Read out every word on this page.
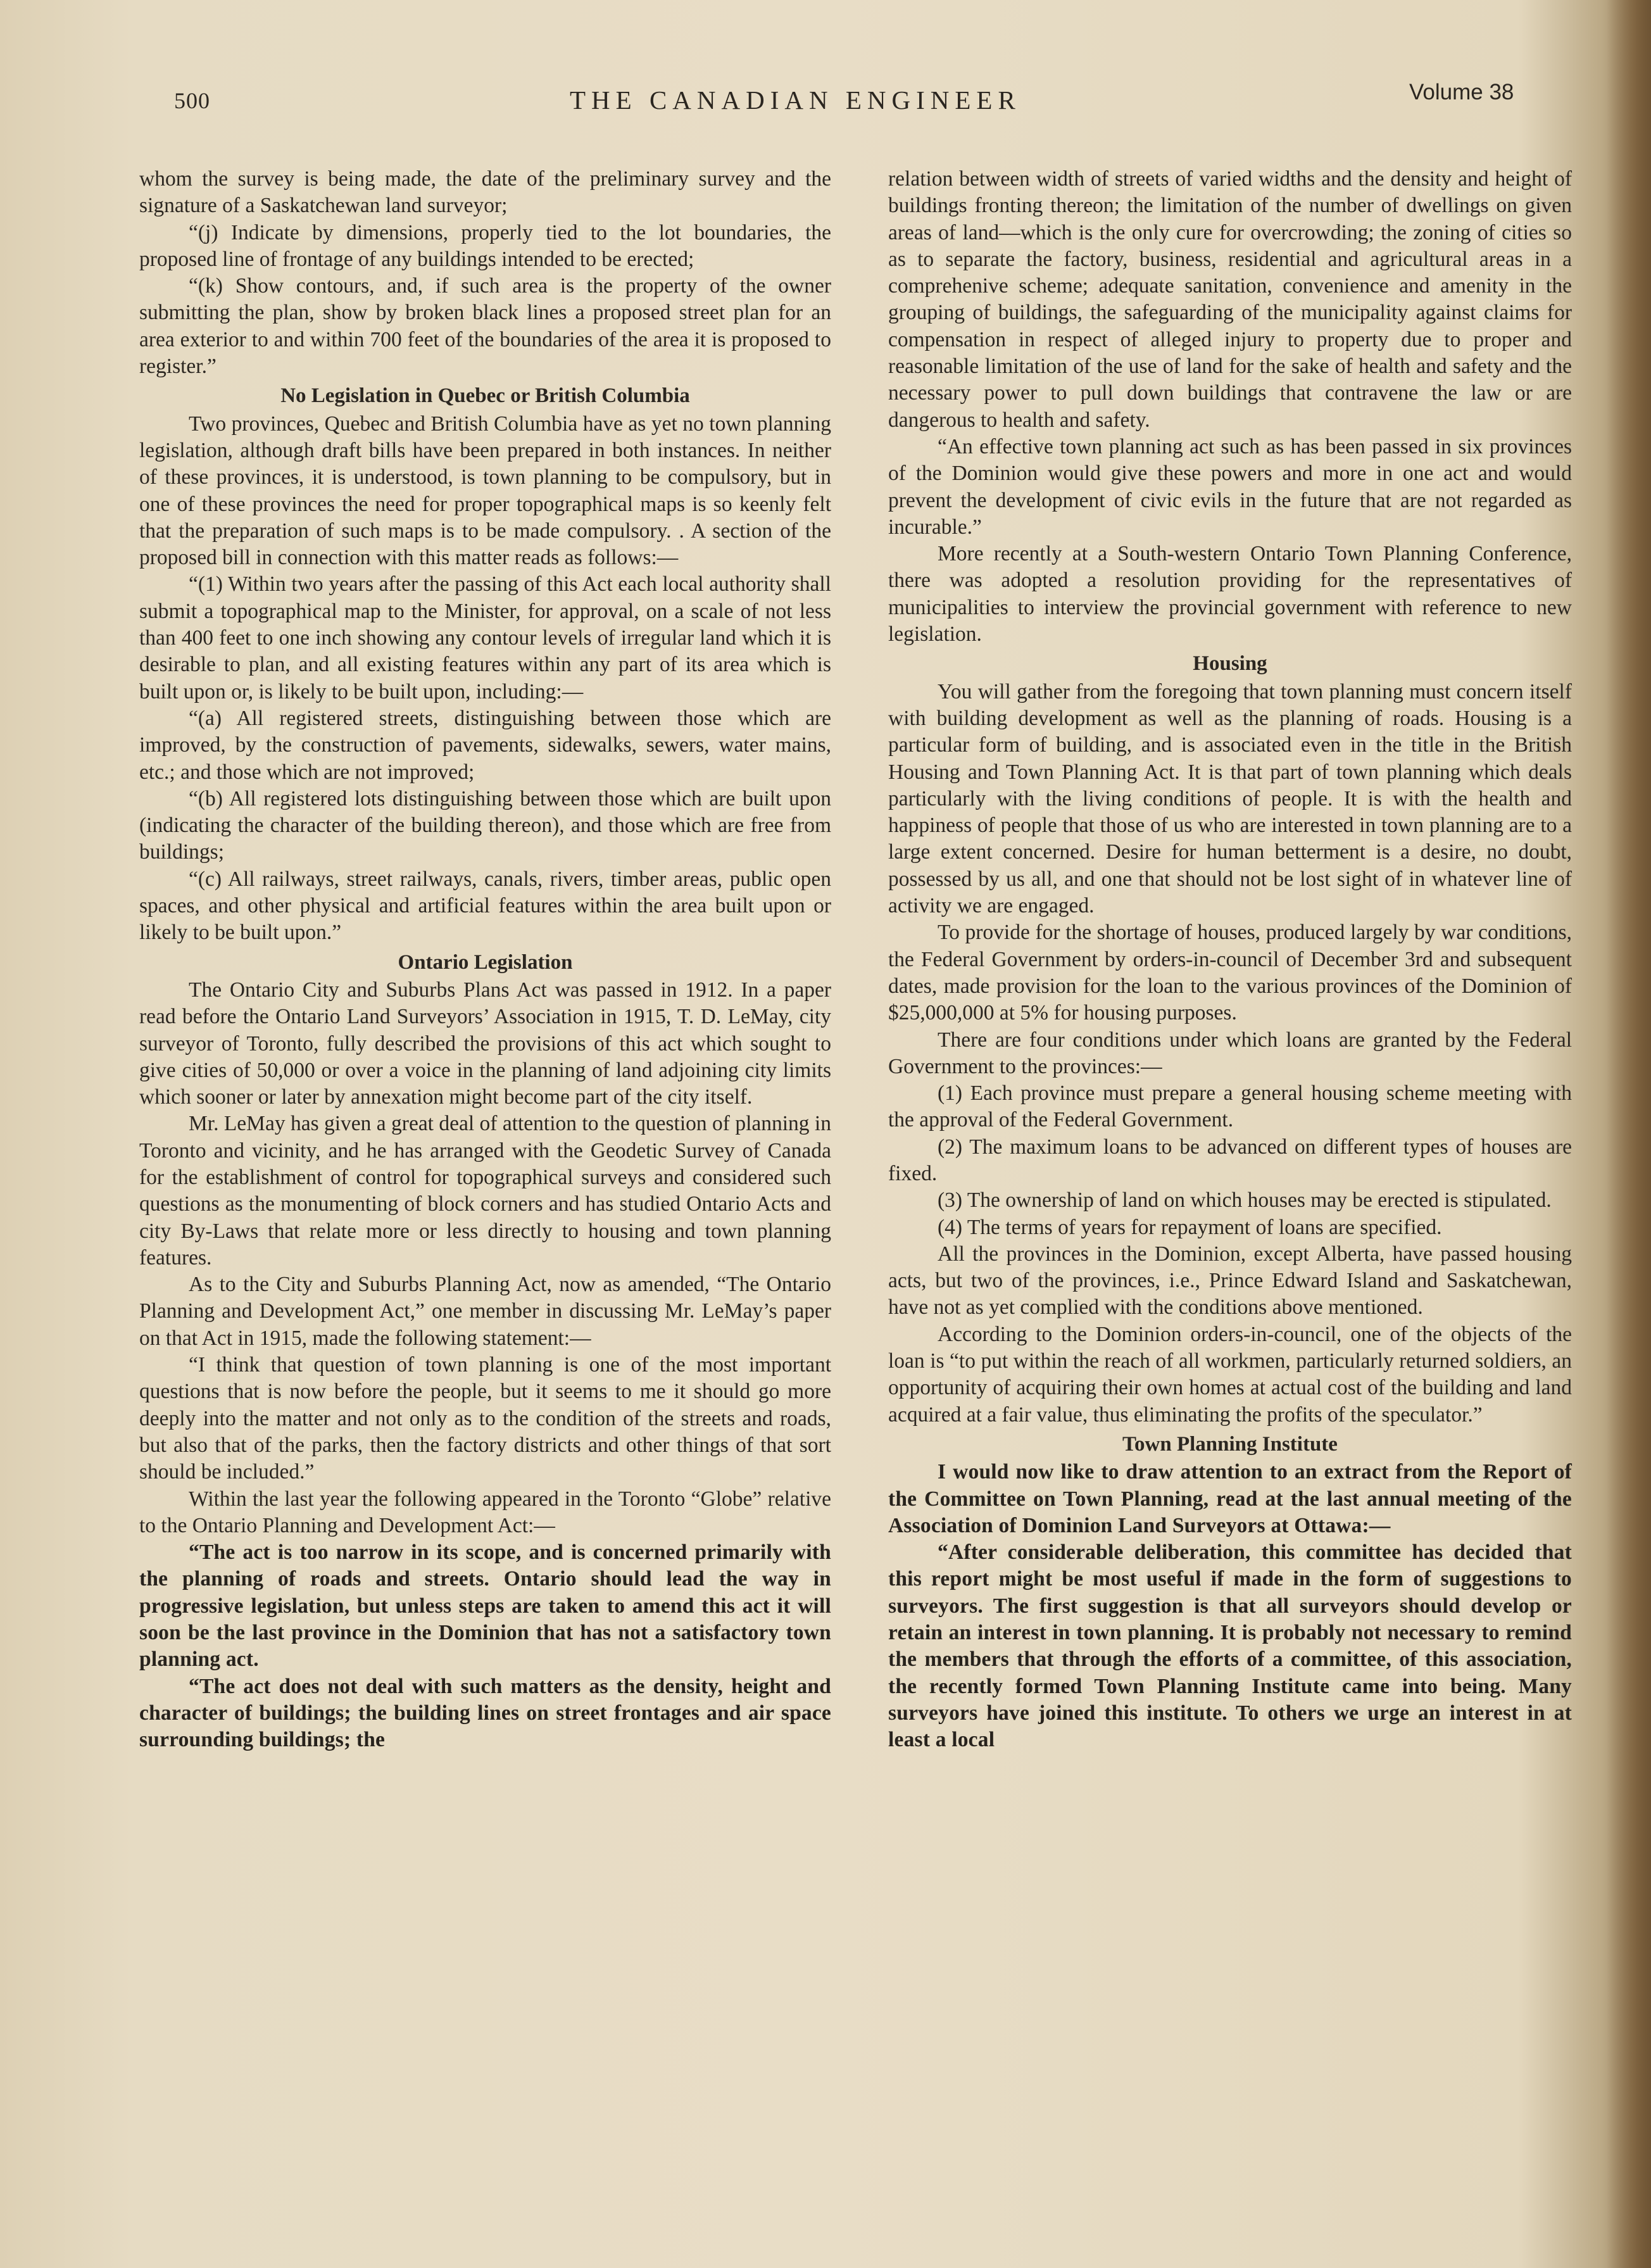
500	THE CANADIAN ENGINEER	Volume 38

whom the survey is being made, the date of the preliminary survey and the signature of a Saskatchewan land surveyor;

“(j) Indicate by dimensions, properly tied to the lot boundaries, the proposed line of frontage of any buildings intended to be erected;

“(k) Show contours, and, if such area is the property of the owner submitting the plan, show by broken black lines a proposed street plan for an area exterior to and within 700 feet of the boundaries of the area it is proposed to register.”

No Legislation in Quebec or British Columbia

Two provinces, Quebec and British Columbia have as yet no town planning legislation, although draft bills have been prepared in both instances. In neither of these provinces, it is understood, is town planning to be compulsory, but in one of these provinces the need for proper topographical maps is so keenly felt that the preparation of such maps is to be made compulsory. . A section of the proposed bill in connection with this matter reads as follows:—

“(1) Within two years after the passing of this Act each local authority shall submit a topographical map to the Minister, for approval, on a scale of not less than 400 feet to one inch showing any contour levels of irregular land which it is desirable to plan, and all existing features within any part of its area which is built upon or, is likely to be built upon, including:—

“(a) All registered streets, distinguishing between those which are improved, by the construction of pavements, sidewalks, sewers, water mains, etc.; and those which are not improved;

“(b) All registered lots distinguishing between those which are built upon (indicating the character of the building thereon), and those which are free from buildings;

“(c) All railways, street railways, canals, rivers, timber areas, public open spaces, and other physical and artificial features within the area built upon or likely to be built upon.”

Ontario Legislation

The Ontario City and Suburbs Plans Act was passed in 1912. In a paper read before the Ontario Land Surveyors’ Association in 1915, T. D. LeMay, city surveyor of Toronto, fully described the provisions of this act which sought to give cities of 50,000 or over a voice in the planning of land adjoining city limits which sooner or later by annexation might become part of the city itself.

Mr. LeMay has given a great deal of attention to the question of planning in Toronto and vicinity, and he has arranged with the Geodetic Survey of Canada for the establishment of control for topographical surveys and considered such questions as the monumenting of block corners and has studied Ontario Acts and city By-Laws that relate more or less directly to housing and town planning features.

As to the City and Suburbs Planning Act, now as amended, “The Ontario Planning and Development Act,” one member in discussing Mr. LeMay’s paper on that Act in 1915, made the following statement:—

“I think that question of town planning is one of the most important questions that is now before the people, but it seems to me it should go more deeply into the matter and not only as to the condition of the streets and roads, but also that of the parks, then the factory districts and other things of that sort should be included.”

Within the last year the following appeared in the Toronto “Globe” relative to the Ontario Planning and Development Act:—

“The act is too narrow in its scope, and is concerned primarily with the planning of roads and streets. Ontario should lead the way in progressive legislation, but unless steps are taken to amend this act it will soon be the last province in the Dominion that has not a satisfactory town planning act.

“The act does not deal with such matters as the density, height and character of buildings; the building lines on street frontages and air space surrounding buildings; the

relation between width of streets of varied widths and the density and height of buildings fronting thereon; the limitation of the number of dwellings on given areas of land—which is the only cure for overcrowding; the zoning of cities so as to separate the factory, business, residential and agricultural areas in a comprehenive scheme; adequate sanitation, convenience and amenity in the grouping of buildings, the safeguarding of the municipality against claims for compensation in respect of alleged injury to property due to proper and reasonable limitation of the use of land for the sake of health and safety and the necessary power to pull down buildings that contravene the law or are dangerous to health and safety.

“An effective town planning act such as has been passed in six provinces of the Dominion would give these powers and more in one act and would prevent the development of civic evils in the future that are not regarded as incurable.”

More recently at a South-western Ontario Town Planning Conference, there was adopted a resolution providing for the representatives of municipalities to interview the provincial government with reference to new legislation.

Housing

You will gather from the foregoing that town planning must concern itself with building development as well as the planning of roads. Housing is a particular form of building, and is associated even in the title in the British Housing and Town Planning Act. It is that part of town planning which deals particularly with the living conditions of people. It is with the health and happiness of people that those of us who are interested in town planning are to a large extent concerned. Desire for human betterment is a desire, no doubt, possessed by us all, and one that should not be lost sight of in whatever line of activity we are engaged.

To provide for the shortage of houses, produced largely by war conditions, the Federal Government by orders-in-council of December 3rd and subsequent dates, made provision for the loan to the various provinces of the Dominion of $25,000,000 at 5% for housing purposes.

There are four conditions under which loans are granted by the Federal Government to the provinces:—

(1) Each province must prepare a general housing scheme meeting with the approval of the Federal Government.

(2) The maximum loans to be advanced on different types of houses are fixed.

(3) The ownership of land on which houses may be erected is stipulated.

(4) The terms of years for repayment of loans are specified.

All the provinces in the Dominion, except Alberta, have passed housing acts, but two of the provinces, i.e., Prince Edward Island and Saskatchewan, have not as yet complied with the conditions above mentioned.

According to the Dominion orders-in-council, one of the objects of the loan is “to put within the reach of all workmen, particularly returned soldiers, an opportunity of acquiring their own homes at actual cost of the building and land acquired at a fair value, thus eliminating the profits of the speculator.”

Town Planning Institute

I would now like to draw attention to an extract from the Report of the Committee on Town Planning, read at the last annual meeting of the Association of Dominion Land Surveyors at Ottawa:—

“After considerable deliberation, this committee has decided that this report might be most useful if made in the form of suggestions to surveyors. The first suggestion is that all surveyors should develop or retain an interest in town planning. It is probably not necessary to remind the members that through the efforts of a committee, of this association, the recently formed Town Planning Institute came into being. Many surveyors have joined this institute. To others we urge an interest in at least a local
